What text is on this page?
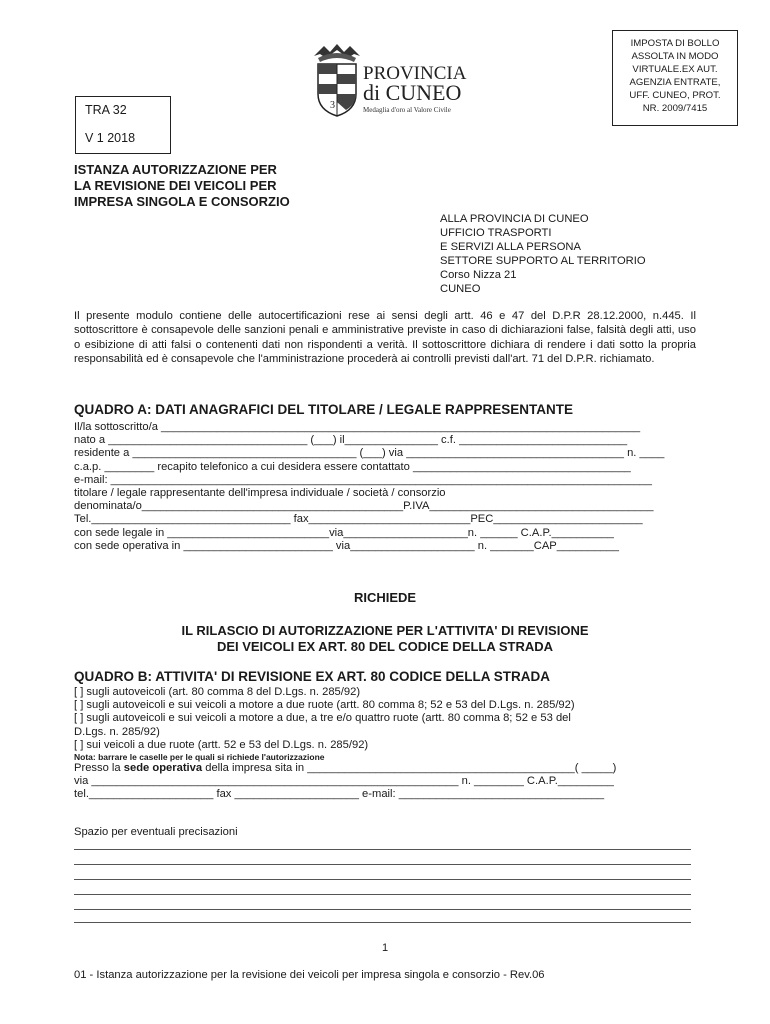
IMPOSTA DI BOLLO
ASSOLTA IN MODO
VIRTUALE.EX AUT.
AGENZIA ENTRATE,
UFF. CUNEO, PROT.
NR. 2009/7415
3
PROVINCIA
di CUNEO
Medaglia d'oro al Valore Civile
TRA 32
V 1 2018
ISTANZA AUTORIZZAZIONE PER
LA REVISIONE DEI VEICOLI PER
IMPRESA SINGOLA E CONSORZIO
ALLA PROVINCIA DI CUNEO
UFFICIO TRASPORTI
E SERVIZI ALLA PERSONA
SETTORE SUPPORTO AL TERRITORIO
Corso Nizza 21
CUNEO
Il presente modulo contiene delle autocertificazioni rese ai sensi degli artt. 46 e 47 del D.P.R 28.12.2000, n.445. Il sottoscrittore è consapevole delle sanzioni penali e amministrative previste in caso di dichiarazioni false, falsità degli atti, uso o esibizione di atti falsi o contenenti dati non rispondenti a verità. Il sottoscrittore dichiara di rendere i dati sotto la propria responsabilità ed è consapevole che l'amministrazione procederà ai controlli previsti dall'art. 71 del D.P.R. richiamato.
QUADRO A: DATI ANAGRAFICI DEL TITOLARE / LEGALE RAPPRESENTANTE
Il/la sottoscritto/a _____________________________________________________________________________
nato a ________________________________ (___) il_______________ c.f. ___________________________
residente a ____________________________________ (___) via ___________________________________ n. ____
c.a.p. ________ recapito telefonico a cui desidera essere contattato ___________________________________
e-mail: _______________________________________________________________________________________
titolare / legale rappresentante dell'impresa individuale / società / consorzio
denominata/o__________________________________________P.IVA____________________________________
Tel.________________________________ fax__________________________PEC________________________
con sede legale in __________________________via____________________n. ______ C.A.P.__________
con sede operativa in ________________________ via____________________ n. _______CAP__________
RICHIEDE
IL RILASCIO DI AUTORIZZAZIONE PER L'ATTIVITA' DI REVISIONE
DEI VEICOLI EX ART. 80 DEL CODICE DELLA STRADA
QUADRO B: ATTIVITA' DI REVISIONE EX ART. 80 CODICE DELLA STRADA
[ ] sugli autoveicoli (art. 80 comma 8 del D.Lgs. n. 285/92)
[ ] sugli autoveicoli e sui veicoli a motore a due ruote (artt. 80 comma 8; 52 e 53 del D.Lgs. n. 285/92)
[ ] sugli autoveicoli e sui veicoli a motore a due, a tre e/o quattro ruote (artt. 80 comma 8; 52 e 53 del
D.Lgs. n. 285/92)
[ ] sui veicoli a due ruote (artt. 52 e 53 del D.Lgs. n. 285/92)
Nota: barrare le caselle per le quali si richiede l'autorizzazione
Presso la sede operativa della impresa sita in ___________________________________________( _____)
via ___________________________________________________________ n. ________ C.A.P._________
tel.____________________ fax ____________________ e-mail: _________________________________
Spazio per eventuali precisazioni
1
01 - Istanza autorizzazione per la revisione dei veicoli per impresa singola e consorzio - Rev.06
